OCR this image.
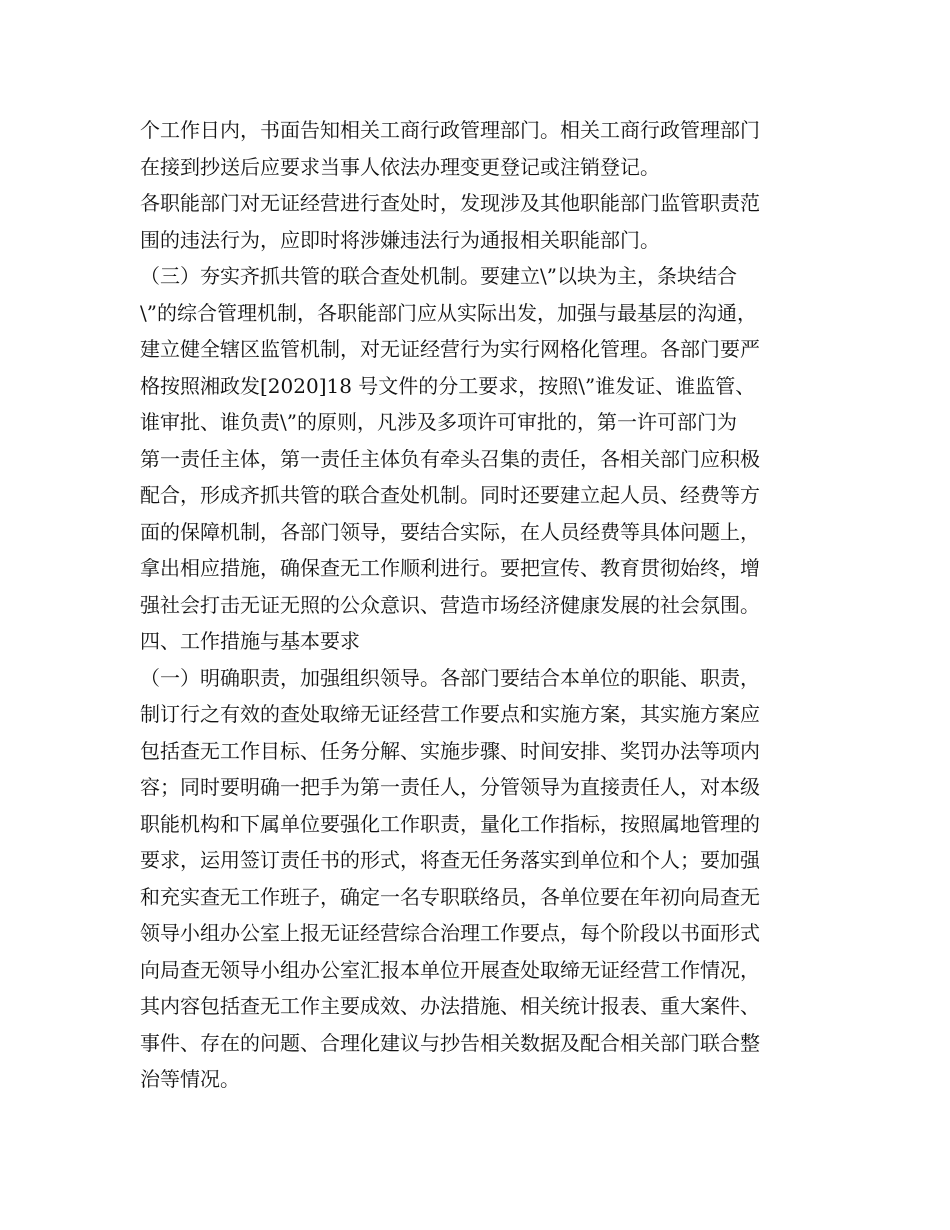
个工作日内，书面告知相关工商行政管理部门。相关工商行政管理部门
在接到抄送后应要求当事人依法办理变更登记或注销登记。
各职能部门对无证经营进行查处时，发现涉及其他职能部门监管职责范
围的违法行为，应即时将涉嫌违法行为通报相关职能部门。
（三）夯实齐抓共管的联合查处机制。要建立\”以块为主，条块结合
\”的综合管理机制，各职能部门应从实际出发，加强与最基层的沟通，
建立健全辖区监管机制，对无证经营行为实行网格化管理。各部门要严
格按照湘政发[2020]18 号文件的分工要求，按照\”谁发证、谁监管、
谁审批、谁负责\”的原则，凡涉及多项许可审批的，第一许可部门为
第一责任主体，第一责任主体负有牵头召集的责任，各相关部门应积极
配合，形成齐抓共管的联合查处机制。同时还要建立起人员、经费等方
面的保障机制，各部门领导，要结合实际，在人员经费等具体问题上，
拿出相应措施，确保查无工作顺利进行。要把宣传、教育贯彻始终，增
强社会打击无证无照的公众意识、营造市场经济健康发展的社会氛围。
四、工作措施与基本要求
（一）明确职责，加强组织领导。各部门要结合本单位的职能、职责，
制订行之有效的查处取缔无证经营工作要点和实施方案，其实施方案应
包括查无工作目标、任务分解、实施步骤、时间安排、奖罚办法等项内
容；同时要明确一把手为第一责任人，分管领导为直接责任人，对本级
职能机构和下属单位要强化工作职责，量化工作指标，按照属地管理的
要求，运用签订责任书的形式，将查无任务落实到单位和个人；要加强
和充实查无工作班子，确定一名专职联络员，各单位要在年初向局查无
领导小组办公室上报无证经营综合治理工作要点，每个阶段以书面形式
向局查无领导小组办公室汇报本单位开展查处取缔无证经营工作情况，
其内容包括查无工作主要成效、办法措施、相关统计报表、重大案件、
事件、存在的问题、合理化建议与抄告相关数据及配合相关部门联合整
治等情况。
